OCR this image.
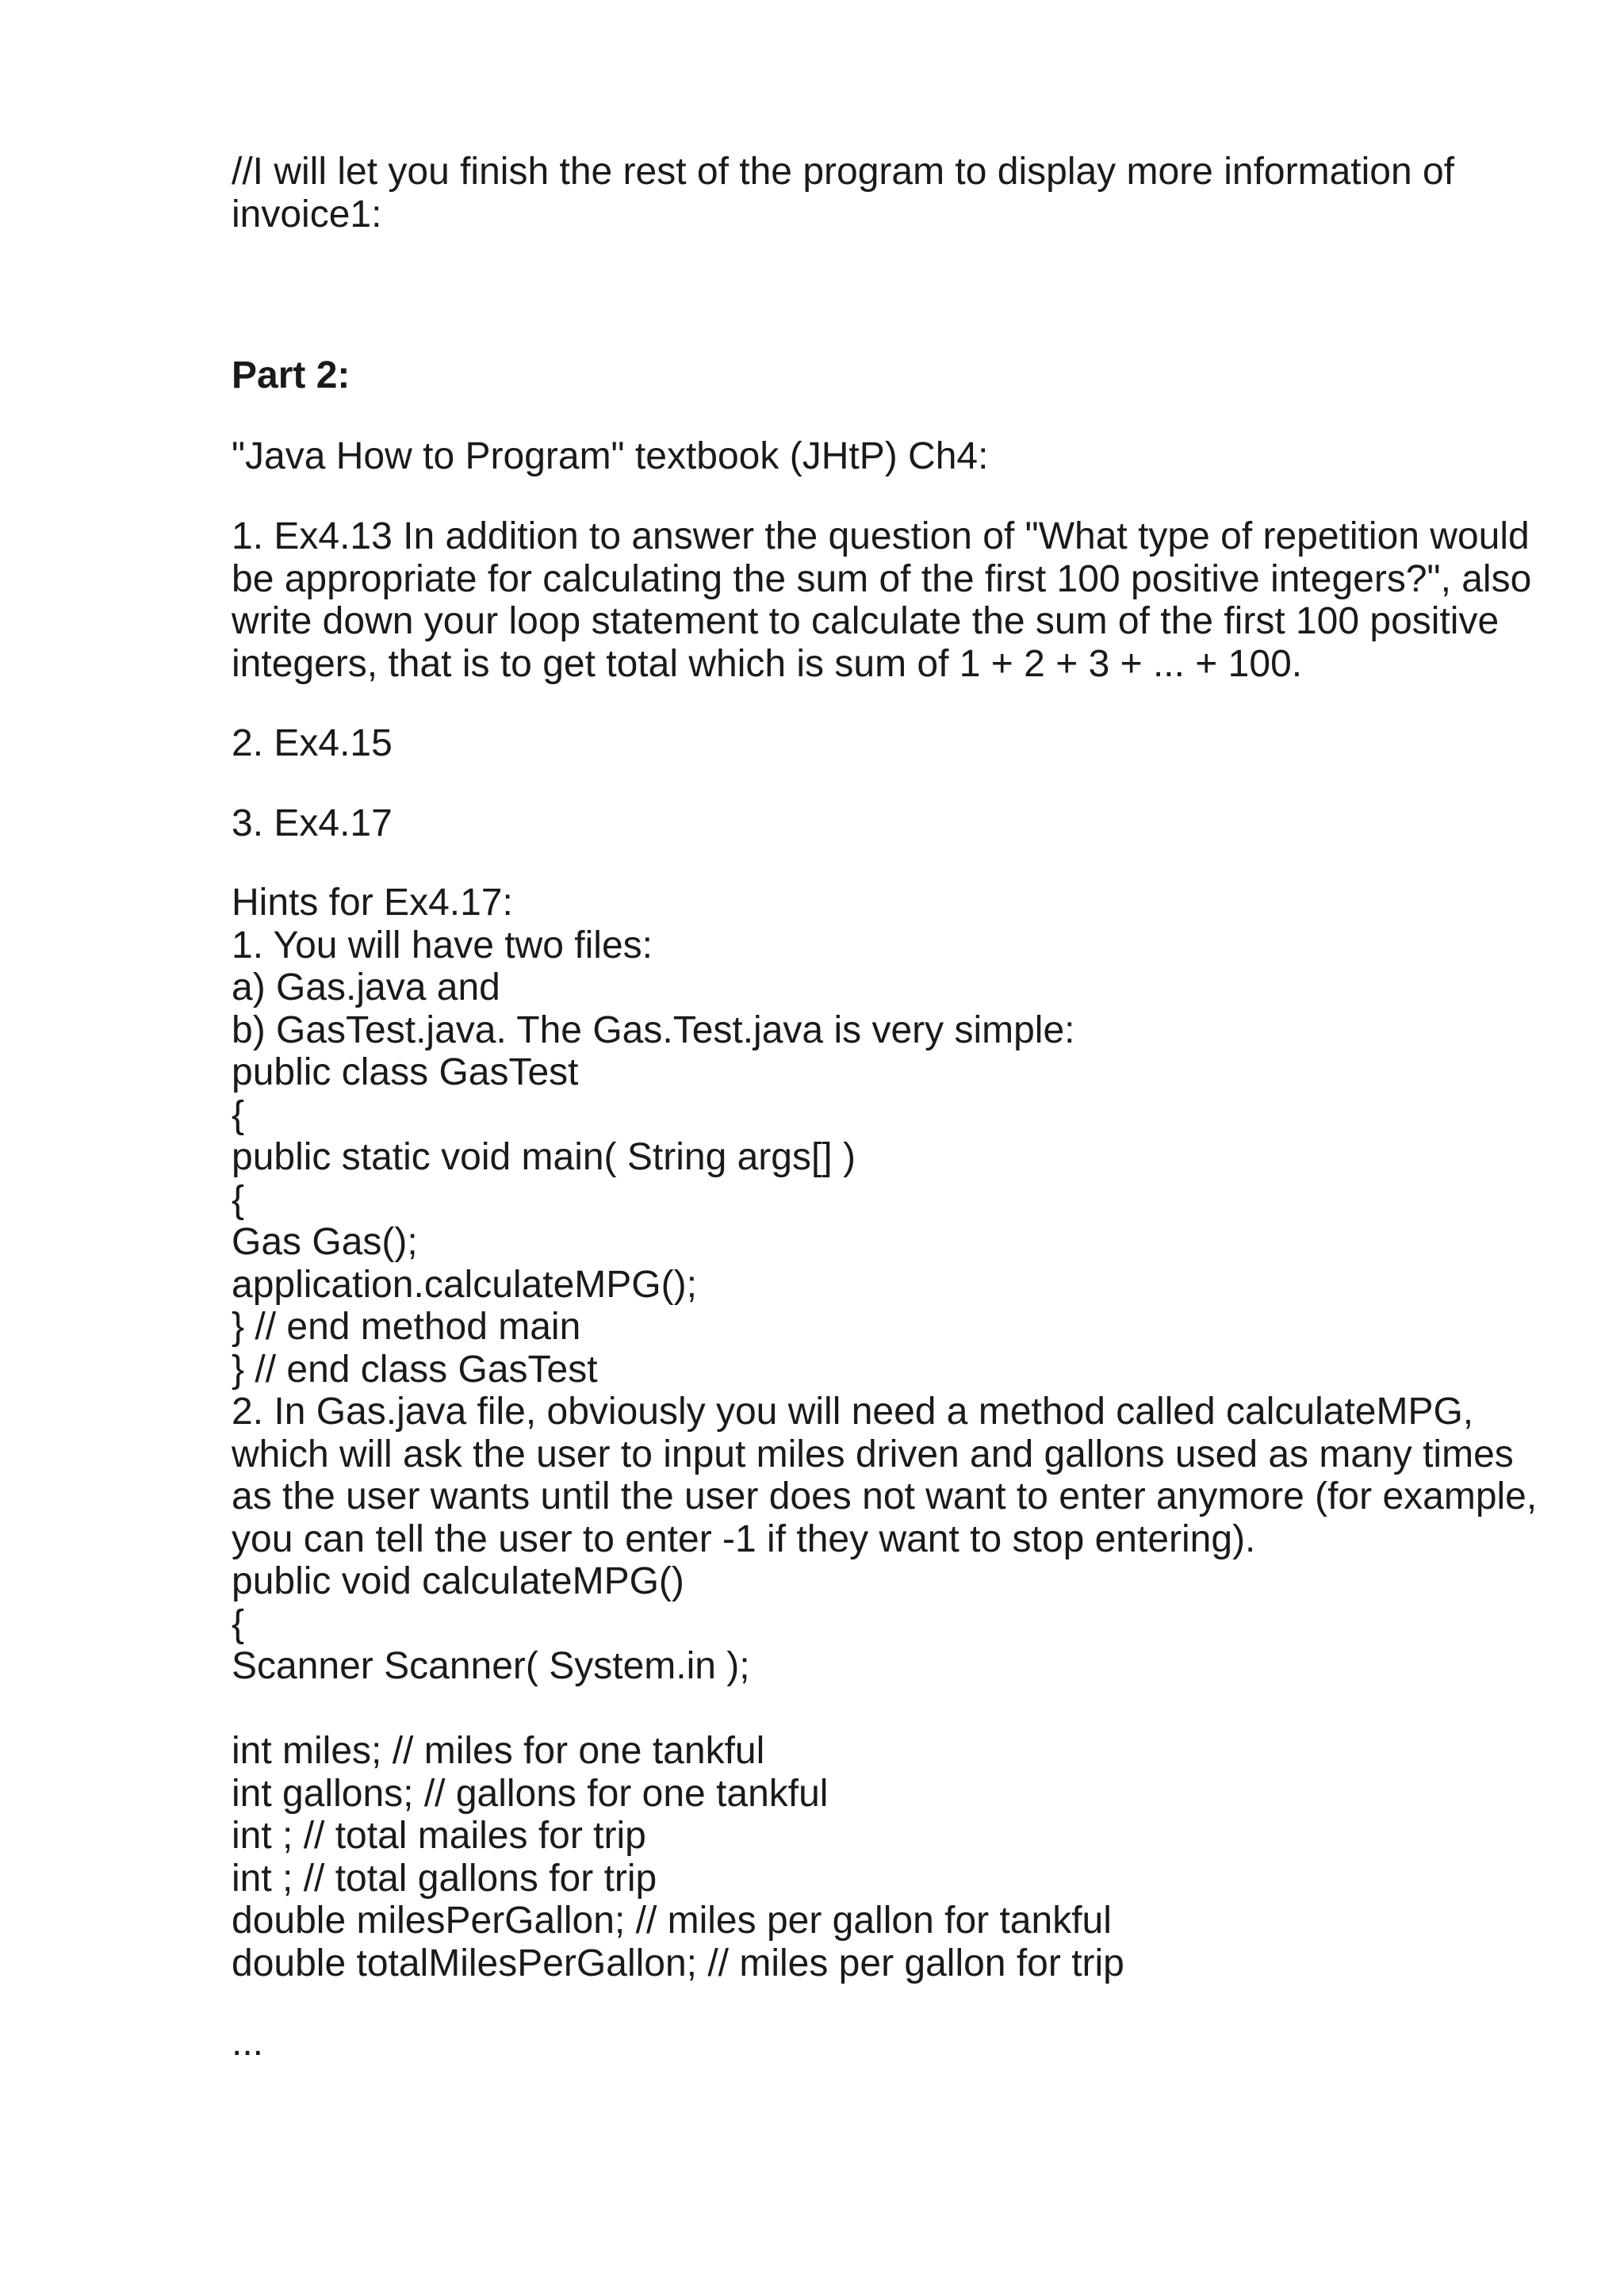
//I will let you finish the rest of the program to display more information of
invoice1:
Part 2:
"Java How to Program" textbook (JHtP) Ch4:
1. Ex4.13 In addition to answer the question of "What type of repetition would
be appropriate for calculating the sum of the first 100 positive integers?", also
write down your loop statement to calculate the sum of the first 100 positive
integers, that is to get total which is sum of 1 + 2 + 3 + ... + 100.
2. Ex4.15
3. Ex4.17
Hints for Ex4.17:
1. You will have two files:
a) Gas.java and
b) GasTest.java. The Gas.Test.java is very simple:
public class GasTest
{
public static void main( String args[] )
{
Gas Gas();
application.calculateMPG();
} // end method main
} // end class GasTest
2. In Gas.java file, obviously you will need a method called calculateMPG,
which will ask the user to input miles driven and gallons used as many times
as the user wants until the user does not want to enter anymore (for example,
you can tell the user to enter -1 if they want to stop entering).
public void calculateMPG()
{
Scanner Scanner( System.in );
int miles; // miles for one tankful
int gallons; // gallons for one tankful
int ; // total mailes for trip
int ; // total gallons for trip
double milesPerGallon; // miles per gallon for tankful
double totalMilesPerGallon; // miles per gallon for trip
...
